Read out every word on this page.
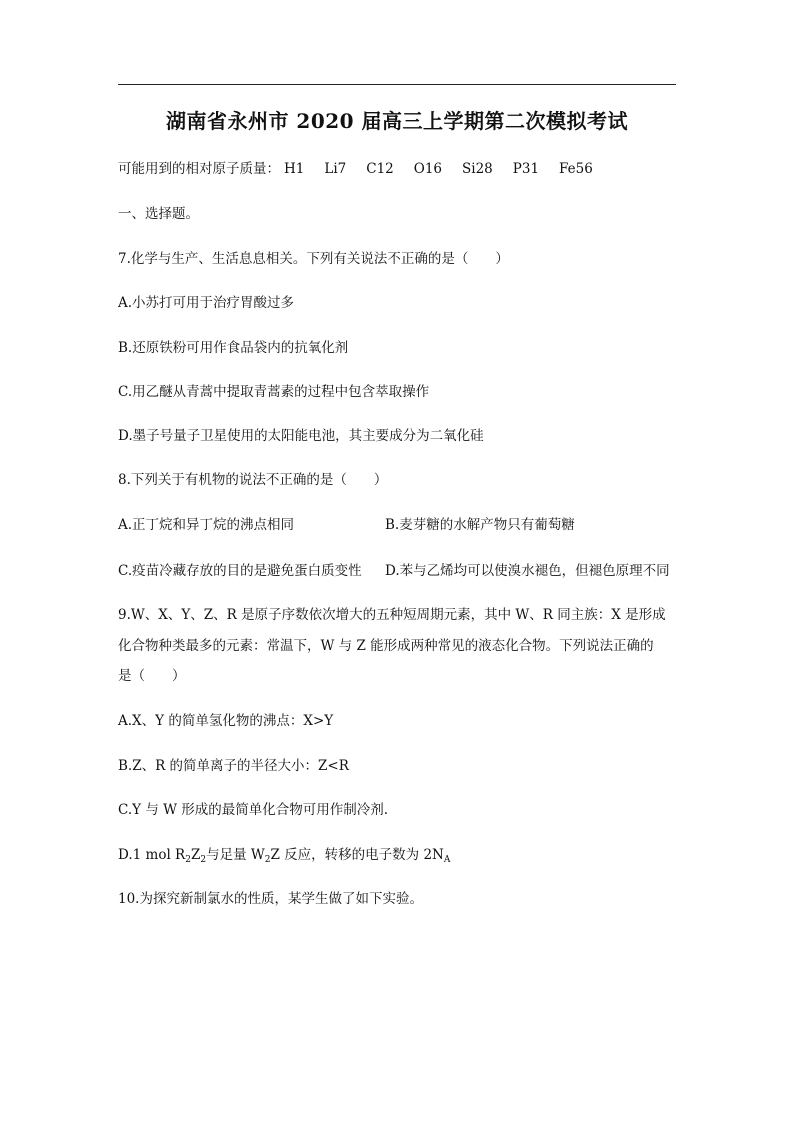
湖南省永州市 2020 届高三上学期第二次模拟考试
可能用到的相对原子质量： H1 Li7 C12 O16 Si28 P31 Fe56
一、选择题。
7.化学与生产、生活息息相关。下列有关说法不正确的是（　　）
A.小苏打可用于治疗胃酸过多
B.还原铁粉可用作食品袋内的抗氧化剂
C.用乙醚从青蒿中提取青蒿素的过程中包含萃取操作
D.墨子号量子卫星使用的太阳能电池，其主要成分为二氧化硅
8.下列关于有机物的说法不正确的是（　　）
A.正丁烷和异丁烷的沸点相同	B.麦芽糖的水解产物只有葡萄糖
C.疫苗冷藏存放的目的是避免蛋白质变性 D.苯与乙烯均可以使溴水褪色，但褪色原理不同
9.W、X、Y、Z、R 是原子序数依次增大的五种短周期元素，其中 W、R 同主族：X 是形成
化合物种类最多的元素：常温下，W 与 Z 能形成两种常见的液态化合物。下列说法正确的
是（　　）
A.X、Y 的简单氢化物的沸点：X>Y
B.Z、R 的简单离子的半径大小：Z<R
C.Y 与 W 形成的最简单化合物可用作制冷剂.
D.1 mol $R_2Z_2$与足量 $W_2Z$ 反应，转移的电子数为 $2N_A$
10.为探究新制氯水的性质，某学生做了如下实验。
